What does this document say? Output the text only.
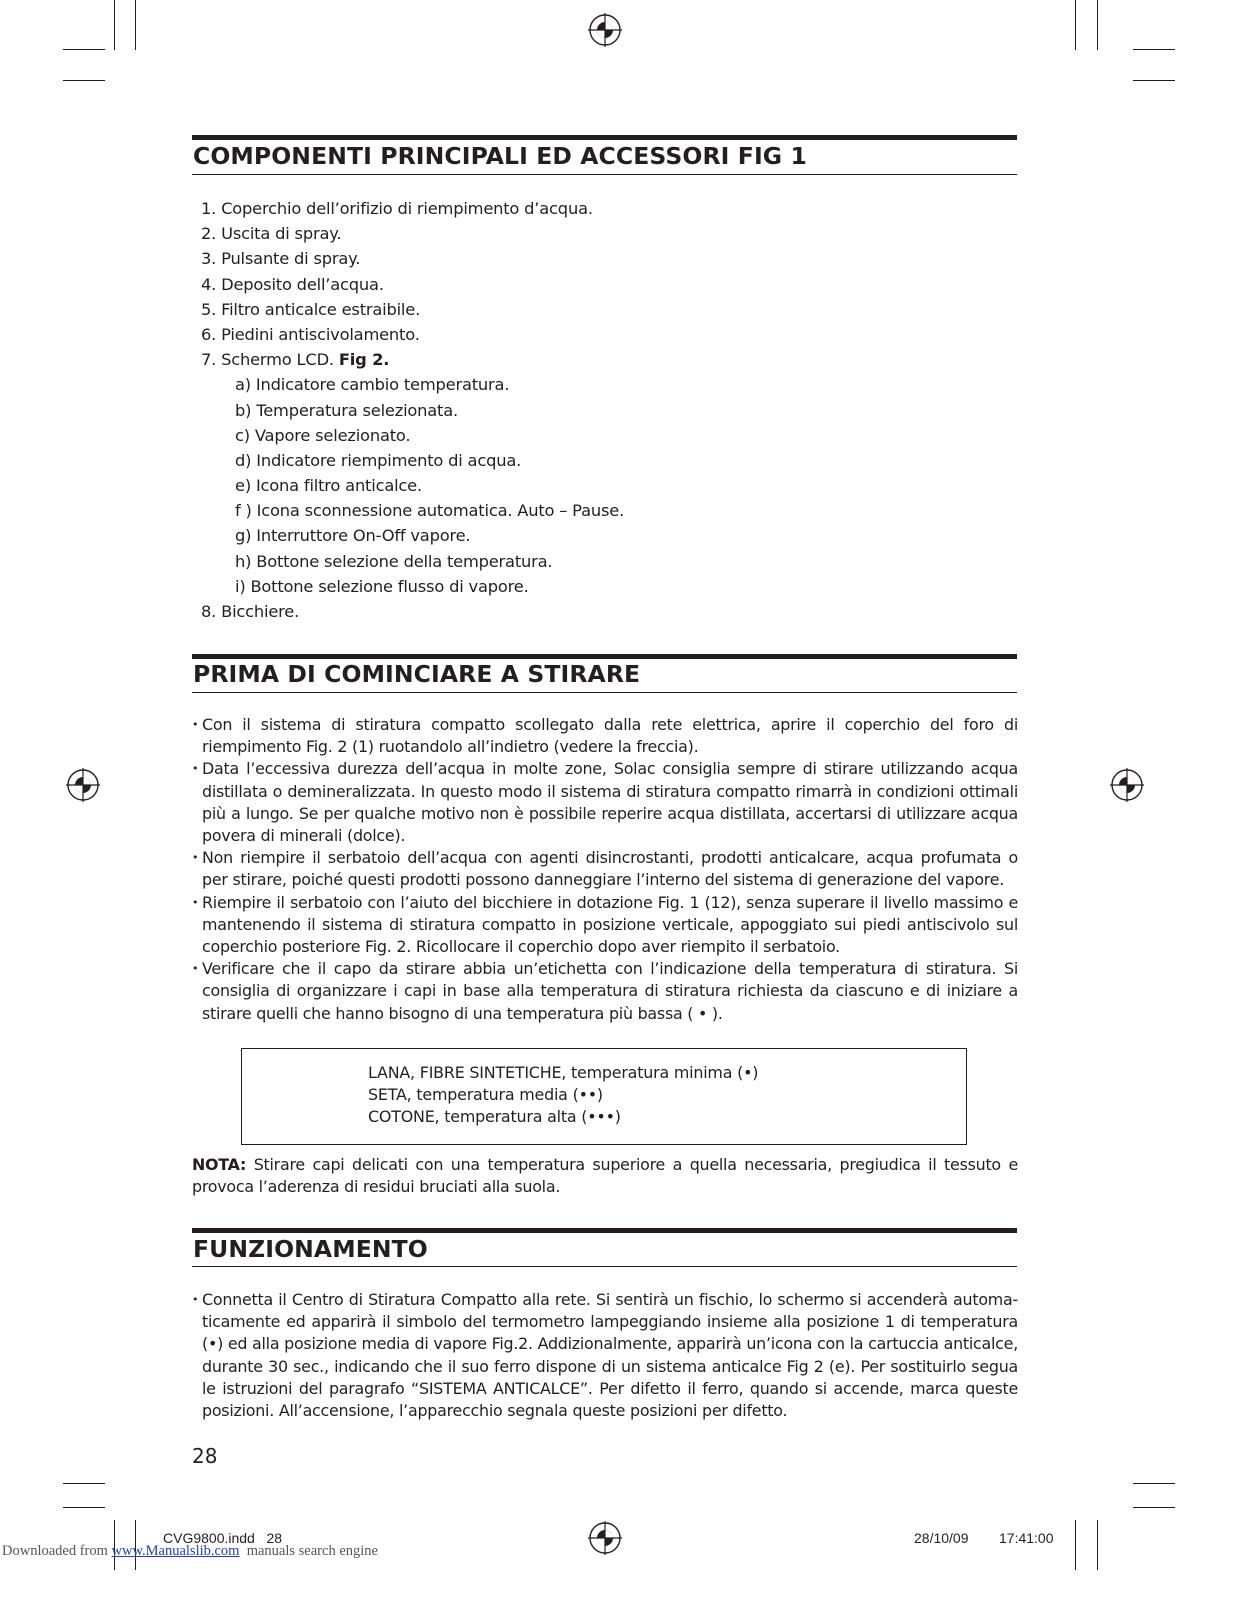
COMPONENTI PRINCIPALI ED ACCESSORI FIG 1
1. Coperchio dell’orifizio di riempimento d’acqua.
2. Uscita di spray.
3. Pulsante di spray.
4. Deposito dell’acqua.
5. Filtro anticalce estraibile.
6. Piedini antiscivolamento.
7. Schermo LCD. Fig 2.
a) Indicatore cambio temperatura.
b) Temperatura selezionata.
c) Vapore selezionato.
d) Indicatore riempimento di acqua.
e) Icona filtro anticalce.
f ) Icona sconnessione automatica. Auto – Pause.
g) Interruttore On-Off vapore.
h) Bottone selezione della temperatura.
i) Bottone selezione flusso di vapore.
8. Bicchiere.
PRIMA DI COMINCIARE A STIRARE

• Con il sistema di stiratura compatto scollegato dalla rete elettrica, aprire il coperchio del foro di riempimento Fig. 2 (1) ruotandolo all’indietro (vedere la freccia).

• Data l’eccessiva durezza dell’acqua in molte zone, Solac consiglia sempre di stirare utilizzando acqua distillata o demineralizzata. In questo modo il sistema di stiratura compatto rimarrà in condizioni ottimali più a lungo. Se per qualche motivo non è possibile reperire acqua distillata, accertarsi di utilizzare acqua povera di minerali (dolce).

• Non riempire il serbatoio dell’acqua con agenti disincrostanti, prodotti anticalcare, acqua profumata o per stirare, poiché questi prodotti possono danneggiare l’interno del sistema di generazione del vapore.

• Riempire il serbatoio con l’aiuto del bicchiere in dotazione Fig. 1 (12), senza superare il livello massimo e mantenendo il sistema di stiratura compatto in posizione verticale, appoggiato sui piedi antiscivolo sul coperchio posteriore Fig. 2. Ricollocare il coperchio dopo aver riempito il serbatoio.

• Verificare che il capo da stirare abbia un’etichetta con l’indicazione della temperatura di stiratura. Si consiglia di organizzare i capi in base alla temperatura di stiratura richiesta da ciascuno e di iniziare a stirare quelli che hanno bisogno di una temperatura più bassa ( • ).

LANA, FIBRE SINTETICHE, temperatura minima (•)
SETA, temperatura media (••)
COTONE, temperatura alta (•••)
NOTA: Stirare capi delicati con una temperatura superiore a quella necessaria, pregiudica il tessuto e provoca l’aderenza di residui bruciati alla suola.
FUNZIONAMENTO

• Connetta il Centro di Stiratura Compatto alla rete. Si sentirà un fischio, lo schermo si accenderà automa-ticamente ed apparirà il simbolo del termometro lampeggiando insieme alla posizione 1 di temperatura (•) ed alla posizione media di vapore Fig.2. Addizionalmente, apparirà un’icona con la cartuccia anticalce, durante 30 sec., indicando che il suo ferro dispone di un sistema anticalce Fig 2 (e). Per sostituirlo segua le istruzioni del paragrafo “SISTEMA ANTICALCE”. Per difetto il ferro, quando si accende, marca queste posizioni. All’accensione, l’apparecchio segnala queste posizioni per difetto.

28
CVG9800.indd   28	28/10/09 17:41:00
Downloaded from www.Manualslib.com  manuals search engine
